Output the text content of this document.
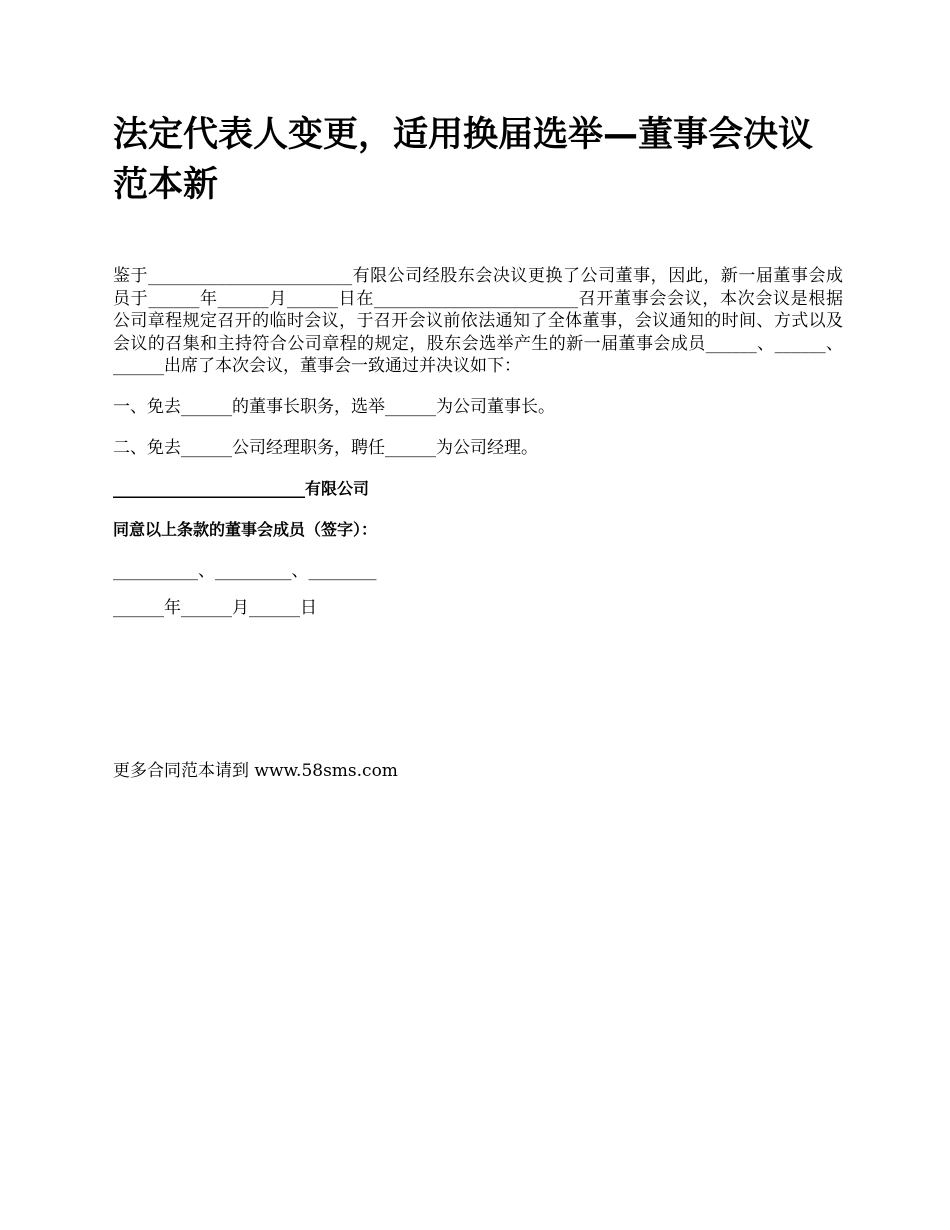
法定代表人变更，适用换届选举—董事会决议范本新

鉴于________________________有限公司经股东会决议更换了公司董事，因此，新一届董事会成员于______年______月______日在________________________召开董事会会议，本次会议是根据公司章程规定召开的临时会议，于召开会议前依法通知了全体董事，会议通知的时间、方式以及会议的召集和主持符合公司章程的规定，股东会选举产生的新一届董事会成员______、______、______出席了本次会议，董事会一致通过并决议如下：

一、免去______的董事长职务，选举______为公司董事长。

二、免去______公司经理职务，聘任______为公司经理。

________________________有限公司

同意以上条款的董事会成员（签字）：

__________、_________、________

______年______月______日

更多合同范本请到 www.58sms.com
